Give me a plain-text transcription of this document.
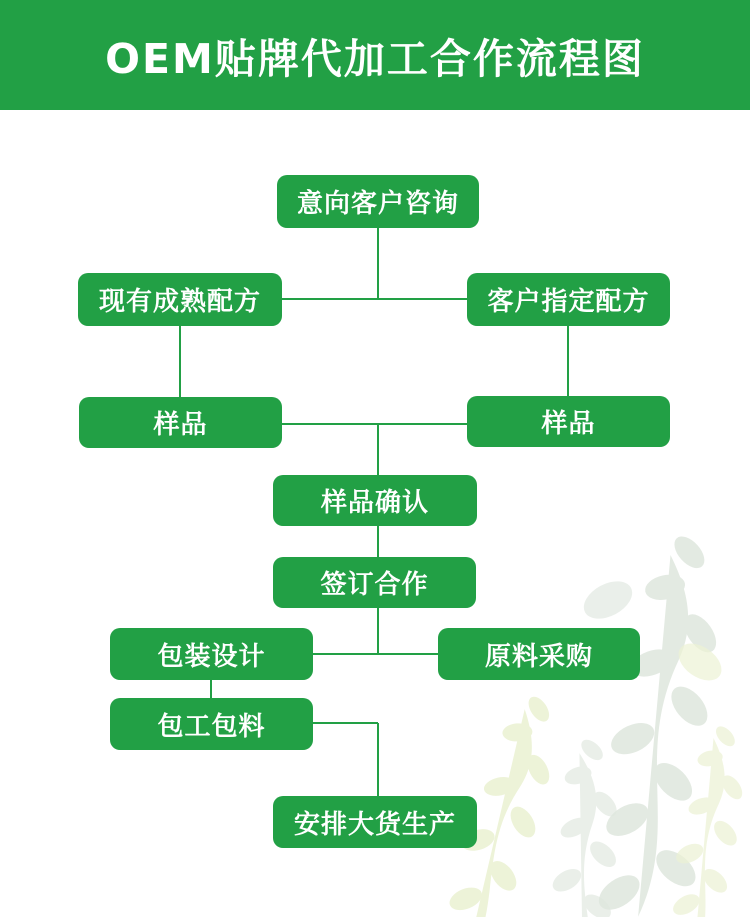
OEM贴牌代加工合作流程图
意向客户咨询
现有成熟配方	客户指定配方
样品	样品
样品确认
签订合作
包装设计	原料采购
包工包料
安排大货生产
